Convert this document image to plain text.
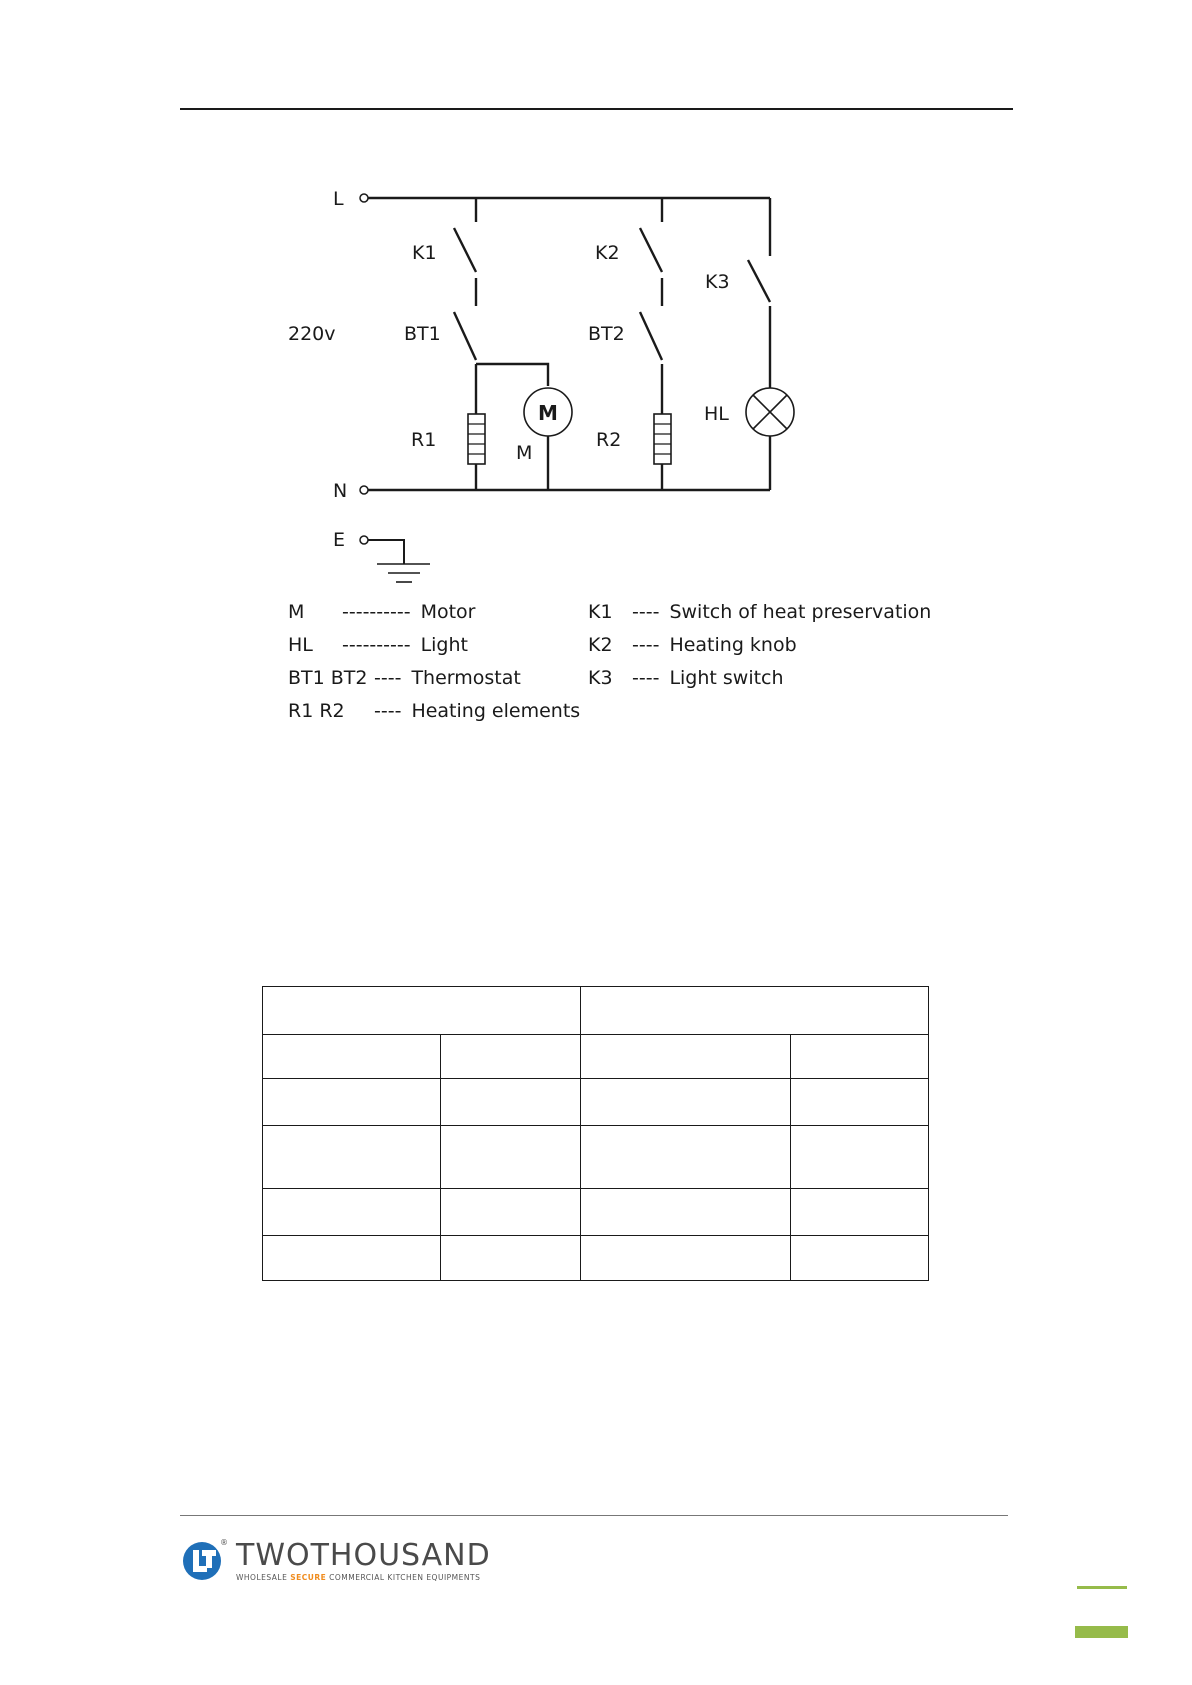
L
K1	K2
K3
220v	BT1
R1
M
M
BT2
R2
HL
N
E
M ---------- Motor
HL ---------- Light
BT1 BT2 ---- Thermostat
R1 R2 ---- Heating elements
K1 ---- Switch of heat preservation
K2 ---- Heating knob
K3 ---- Light switch

® TWOTHOUSAND
WHOLESALE SECURE COMMERCIAL KITCHEN EQUIPMENTS
